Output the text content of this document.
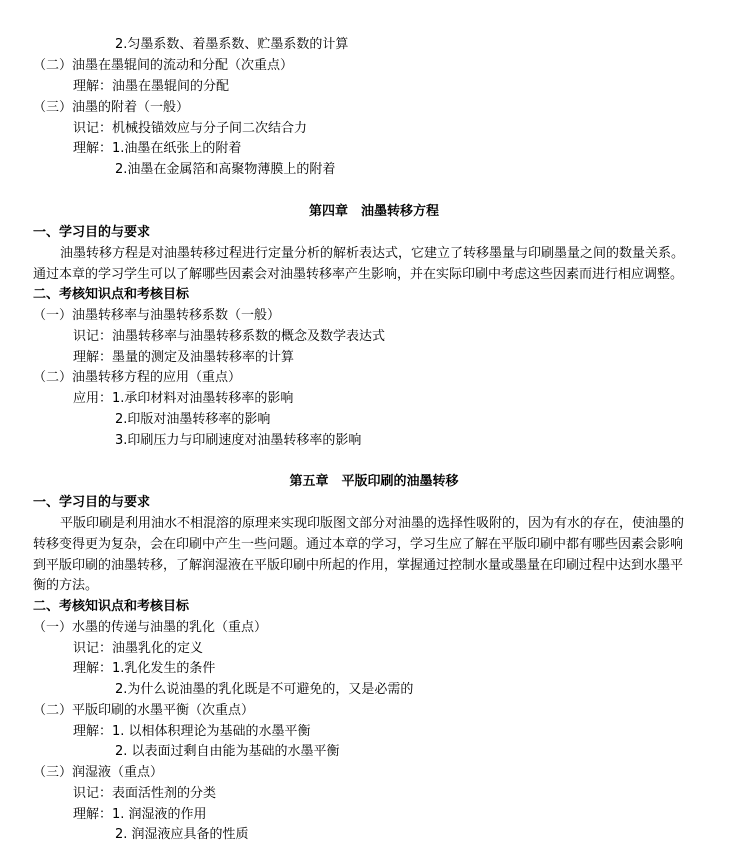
2.匀墨系数、着墨系数、贮墨系数的计算
（二）油墨在墨辊间的流动和分配（次重点）
理解：油墨在墨辊间的分配
（三）油墨的附着（一般）
识记：机械投锚效应与分子间二次结合力
理解：1.油墨在纸张上的附着
2.油墨在金属箔和高聚物薄膜上的附着
第四章　油墨转移方程
一、学习目的与要求
油墨转移方程是对油墨转移过程进行定量分析的解析表达式，它建立了转移墨量与印刷墨量之间的数量关系。
通过本章的学习学生可以了解哪些因素会对油墨转移率产生影响，并在实际印刷中考虑这些因素而进行相应调整。
二、考核知识点和考核目标
（一）油墨转移率与油墨转移系数（一般）
识记：油墨转移率与油墨转移系数的概念及数学表达式
理解：墨量的测定及油墨转移率的计算
（二）油墨转移方程的应用（重点）
应用：1.承印材料对油墨转移率的影响
2.印版对油墨转移率的影响
3.印刷压力与印刷速度对油墨转移率的影响
第五章　平版印刷的油墨转移
一、学习目的与要求
平版印刷是利用油水不相混溶的原理来实现印版图文部分对油墨的选择性吸附的，因为有水的存在，使油墨的
转移变得更为复杂，会在印刷中产生一些问题。通过本章的学习，学习生应了解在平版印刷中都有哪些因素会影响
到平版印刷的油墨转移，了解润湿液在平版印刷中所起的作用，掌握通过控制水量或墨量在印刷过程中达到水墨平
衡的方法。
二、考核知识点和考核目标
（一）水墨的传递与油墨的乳化（重点）
识记：油墨乳化的定义
理解：1.乳化发生的条件
2.为什么说油墨的乳化既是不可避免的，又是必需的
（二）平版印刷的水墨平衡（次重点）
理解：1. 以相体积理论为基础的水墨平衡
2. 以表面过剩自由能为基础的水墨平衡
（三）润湿液（重点）
识记：表面活性剂的分类
理解：1. 润湿液的作用
2. 润湿液应具备的性质
